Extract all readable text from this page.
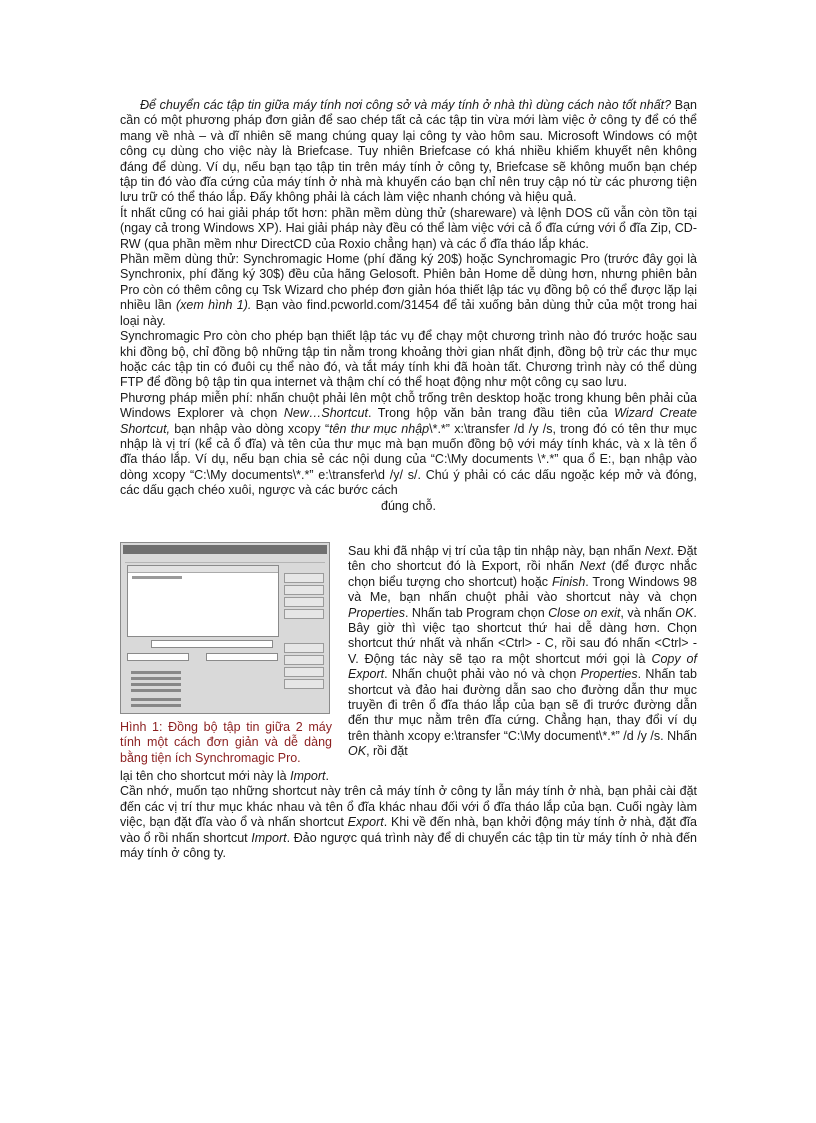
Để chuyển các tập tin giữa máy tính nơi công sở và máy tính ở nhà thì dùng cách nào tốt nhất? Bạn cần có một phương pháp đơn giản để sao chép tất cả các tập tin vừa mới làm việc ở công ty để có thể mang về nhà – và dĩ nhiên sẽ mang chúng quay lại công ty vào hôm sau. Microsoft Windows có một công cụ dùng cho việc này là Briefcase. Tuy nhiên Briefcase có khá nhiều khiếm khuyết nên không đáng để dùng. Ví dụ, nếu bạn tạo tập tin trên máy tính ở công ty, Briefcase sẽ không muốn bạn chép tập tin đó vào đĩa cứng của máy tính ở nhà mà khuyến cáo bạn chỉ nên truy cập nó từ các phương tiện lưu trữ có thể tháo lắp. Đấy không phải là cách làm việc nhanh chóng và hiệu quả.

Ít nhất cũng có hai giải pháp tốt hơn: phần mềm dùng thử (shareware) và lệnh DOS cũ vẫn còn tồn tại (ngay cả trong Windows XP). Hai giải pháp này đều có thể làm việc với cả ổ đĩa cứng với ổ đĩa Zip, CD-RW (qua phần mềm như DirectCD của Roxio chẳng hạn) và các ổ đĩa tháo lắp khác.

Phần mềm dùng thử: Synchromagic Home (phí đăng ký 20$) hoặc Synchromagic Pro (trước đây gọi là Synchronix, phí đăng ký 30$) đều của hãng Gelosoft. Phiên bản Home dễ dùng hơn, nhưng phiên bản Pro còn có thêm công cụ Tsk Wizard cho phép đơn giản hóa thiết lập tác vụ đồng bộ có thể được lặp lại nhiều lần (xem hình 1). Bạn vào find.pcworld.com/31454 để tải xuống bản dùng thử của một trong hai loại này.

Synchromagic Pro còn cho phép bạn thiết lập tác vụ để chạy một chương trình nào đó trước hoặc sau khi đồng bộ, chỉ đồng bộ những tập tin nằm trong khoảng thời gian nhất định, đồng bộ trừ các thư mục hoặc các tập tin có đuôi cụ thể nào đó, và tắt máy tính khi đã hoàn tất. Chương trình này có thể dùng FTP để đồng bộ tập tin qua internet và thậm chí có thể hoạt động như một công cụ sao lưu.

Phương pháp miễn phí: nhấn chuột phải lên một chỗ trống trên desktop hoặc trong khung bên phải của Windows Explorer và chọn New…Shortcut. Trong hộp văn bản trang đầu tiên của Wizard Create Shortcut, bạn nhập vào dòng xcopy “tên thư mục nhập\*.*” x:\transfer /d /y /s, trong đó có tên thư mục nhập là vị trí (kể cả ổ đĩa) và tên của thư mục mà bạn muốn đồng bộ với máy tính khác, và x là tên ổ đĩa tháo lắp. Ví dụ, nếu bạn chia sẻ các nội dung của “C:\My documents \*.*” qua ổ E:, bạn nhập vào dòng xcopy “C:\My documents\*.*” e:\transfer\d /y/ s/. Chú ý phải có các dấu ngoặc kép mở và đóng, các dấu gạch chéo xuôi, ngược và các bước cách

đúng chỗ.

Hình 1: Đồng bộ tập tin giữa 2 máy tính một cách đơn giản và dễ dàng bằng tiện ích Synchromagic Pro.

Sau khi đã nhập vị trí của tập tin nhập này, bạn nhấn Next. Đặt tên cho shortcut đó là Export, rồi nhấn Next (để được nhắc chọn biểu tượng cho shortcut) hoặc Finish. Trong Windows 98 và Me, bạn nhấn chuột phải vào shortcut này và chọn Properties. Nhấn tab Program chọn Close on exit, và nhấn OK.

Bây giờ thì việc tạo shortcut thứ hai dễ dàng hơn. Chọn shortcut thứ nhất và nhấn <Ctrl> - C, rồi sau đó nhấn <Ctrl> - V. Động tác này sẽ tạo ra một shortcut mới gọi là Copy of Export. Nhấn chuột phải vào nó và chọn Properties. Nhấn tab shortcut và đảo hai đường dẫn sao cho đường dẫn thư mục truyền đi trên ổ đĩa tháo lắp của bạn sẽ đi trước đường dẫn đến thư mục nằm trên đĩa cứng. Chẳng hạn, thay đổi ví dụ trên thành xcopy e:\transfer “C:\My document\*.*” /d /y /s. Nhấn OK, rồi đặt

lại tên cho shortcut mới này là Import.

Cần nhớ, muốn tạo những shortcut này trên cả máy tính ở công ty lẫn máy tính ở nhà, bạn phải cài đặt đến các vị trí thư mục khác nhau và tên ổ đĩa khác nhau đối với ổ đĩa tháo lắp của bạn. Cuối ngày làm việc, bạn đặt đĩa vào ổ và nhấn shortcut Export. Khi về đến nhà, bạn khởi động máy tính ở nhà, đặt đĩa vào ổ rồi nhấn shortcut Import. Đảo ngược quá trình này để di chuyển các tập tin từ máy tính ở nhà đến máy tính ở công ty.
